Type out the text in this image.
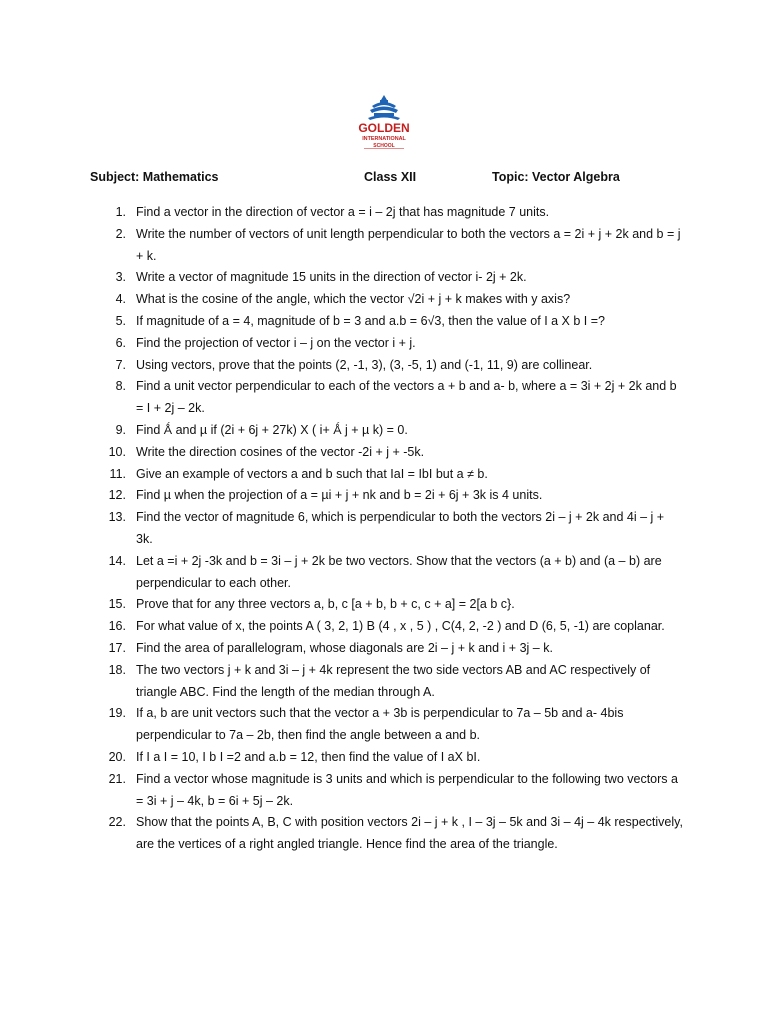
GOLDEN
INTERNATIONAL
SCHOOL
Subject: Mathematics	Class XII	Topic: Vector Algebra
1. Find a vector in the direction of vector a = i – 2j that has magnitude 7 units.
2. Write the number of vectors of unit length perpendicular to both the vectors a = 2i + j + 2k and b = j + k.
3. Write a vector of magnitude 15 units in the direction of vector i- 2j + 2k.
4. What is the cosine of the angle, which the vector √2i + j + k makes with y axis?
5. If magnitude of a = 4, magnitude of b = 3 and a.b = 6√3, then the value of I a X b I =?
6. Find the projection of vector i – j on the vector i + j.
7. Using vectors, prove that the points (2, -1, 3), (3, -5, 1) and (-1, 11, 9) are collinear.
8. Find a unit vector perpendicular to each of the vectors a + b and a- b, where a = 3i + 2j + 2k and b = I + 2j – 2k.
9. Find Ǻ and µ if (2i + 6j + 27k) X ( i+ Ǻ j + µ k) = 0.
10. Write the direction cosines of the vector -2i + j + -5k.
11. Give an example of vectors a and b such that IaI = IbI but a ≠ b.
12. Find µ when the projection of a = µi + j + nk and b = 2i + 6j + 3k is 4 units.
13. Find the vector of magnitude 6, which is perpendicular to both the vectors 2i – j + 2k and 4i – j + 3k.
14. Let a =i + 2j -3k and b = 3i – j + 2k be two vectors. Show that the vectors (a + b) and (a – b) are perpendicular to each other.
15. Prove that for any three vectors a, b, c [a + b, b + c, c + a] = 2[a b c}.
16. For what value of x, the points A ( 3, 2, 1) B (4 , x , 5 ) , C(4, 2, -2 ) and D (6, 5, -1) are coplanar.
17. Find the area of parallelogram, whose diagonals are 2i – j + k and i + 3j – k.
18. The two vectors j + k and 3i – j + 4k represent the two side vectors AB and AC respectively of triangle ABC. Find the length of the median through A.
19. If a, b are unit vectors such that the vector a + 3b is perpendicular to 7a – 5b and a- 4bis perpendicular to 7a – 2b, then find the angle between a and b.
20. If I a I = 10, I b I =2 and a.b = 12, then find the value of I aX bI.
21. Find a vector whose magnitude is 3 units and which is perpendicular to the following two vectors a = 3i + j – 4k, b = 6i + 5j – 2k.
22. Show that the points A, B, C with position vectors 2i – j + k , I – 3j – 5k and 3i – 4j – 4k respectively, are the vertices of a right angled triangle. Hence find the area of the triangle.
